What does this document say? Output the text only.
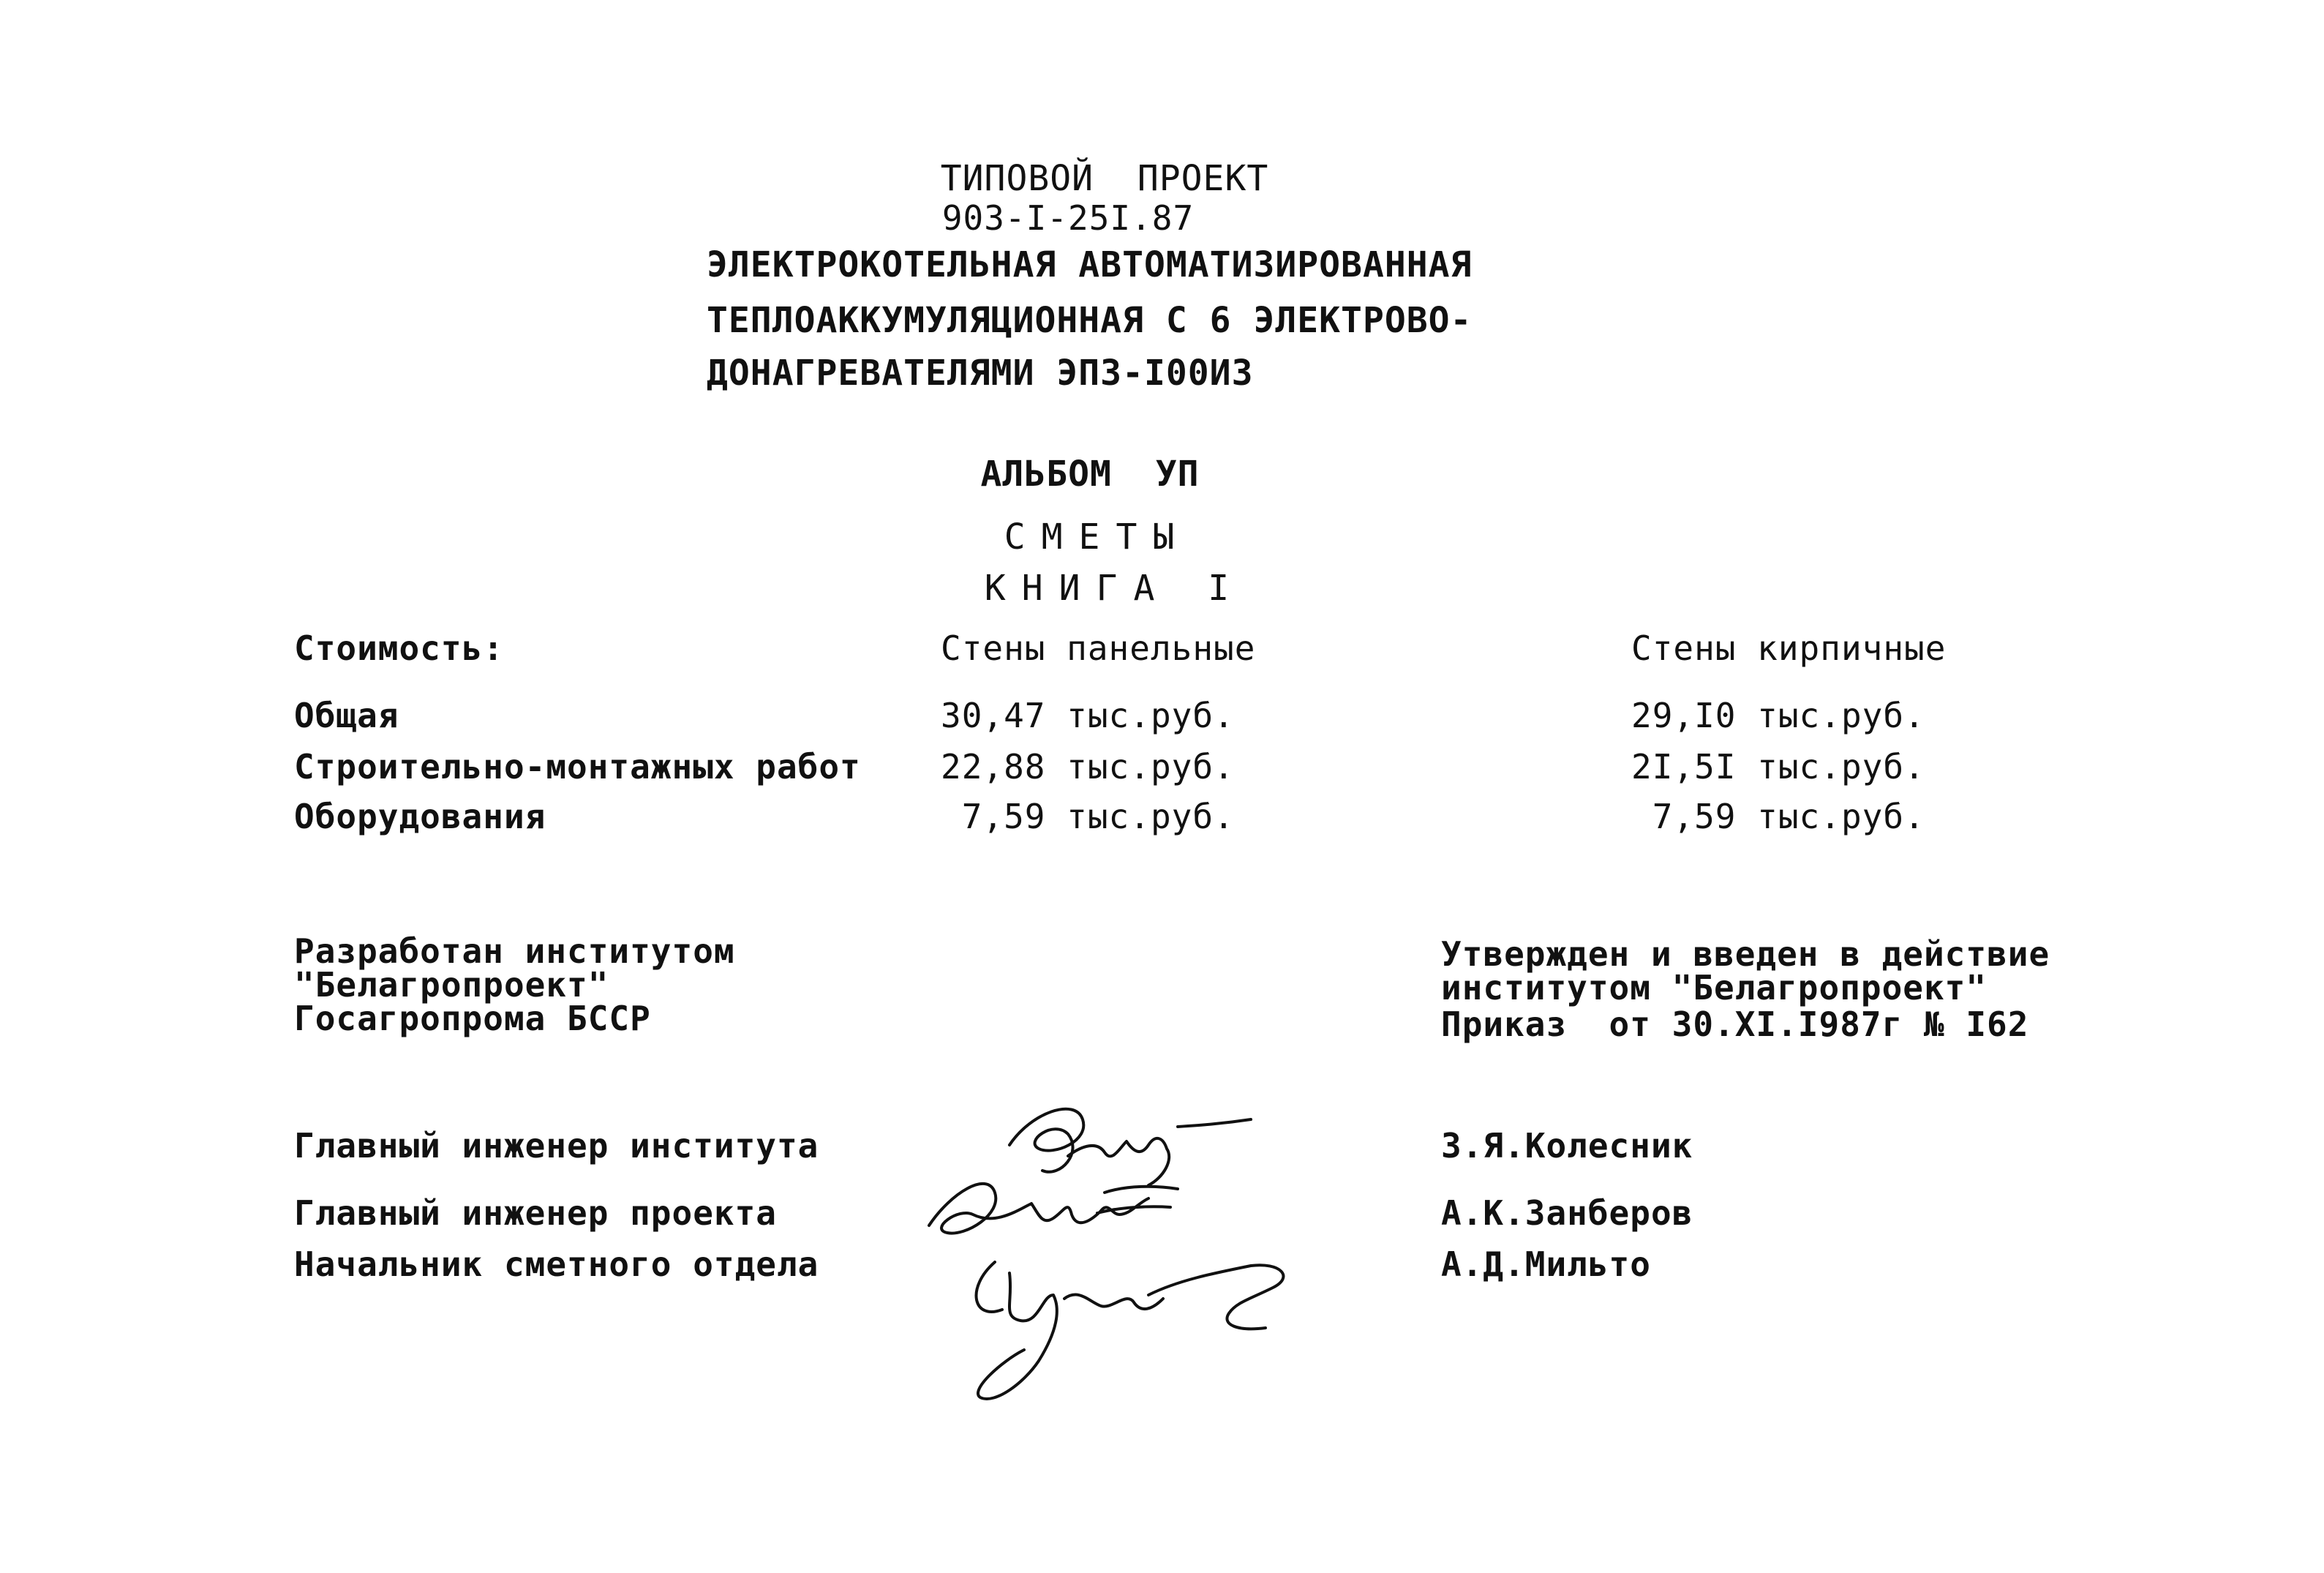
ТИПОВОЙ  ПРОЕКТ
903-I-25I.87
ЭЛЕКТРОКОТЕЛЬНАЯ АВТОМАТИЗИРОВАННАЯ
ТЕПЛОАККУМУЛЯЦИОННАЯ С 6 ЭЛЕКТРОВО-
ДОНАГРЕВАТЕЛЯМИ ЭПЗ-I00ИЗ
АЛЬБОМ  УП
СМЕТЫ
КНИГА I
Стоимость:	Стены панельные	Стены кирпичные
Общая	30,47 тыс.руб.	29,I0 тыс.руб.
Строительно-монтажных работ 22,88 тыс.руб.	2I,5I тыс.руб.
Оборудования	7,59 тыс.руб.	7,59 тыс.руб.
Разработан институтом
"Белагропроект"
Госагропрома БССР
Утвержден и введен в действие
институтом "Белагропроект"
Приказ  от 30.XI.I987г № I62
Главный инженер института	З.Я.Колесник
Главный инженер проекта	А.К.Занберов
Начальник сметного отдела	А.Д.Мильто
